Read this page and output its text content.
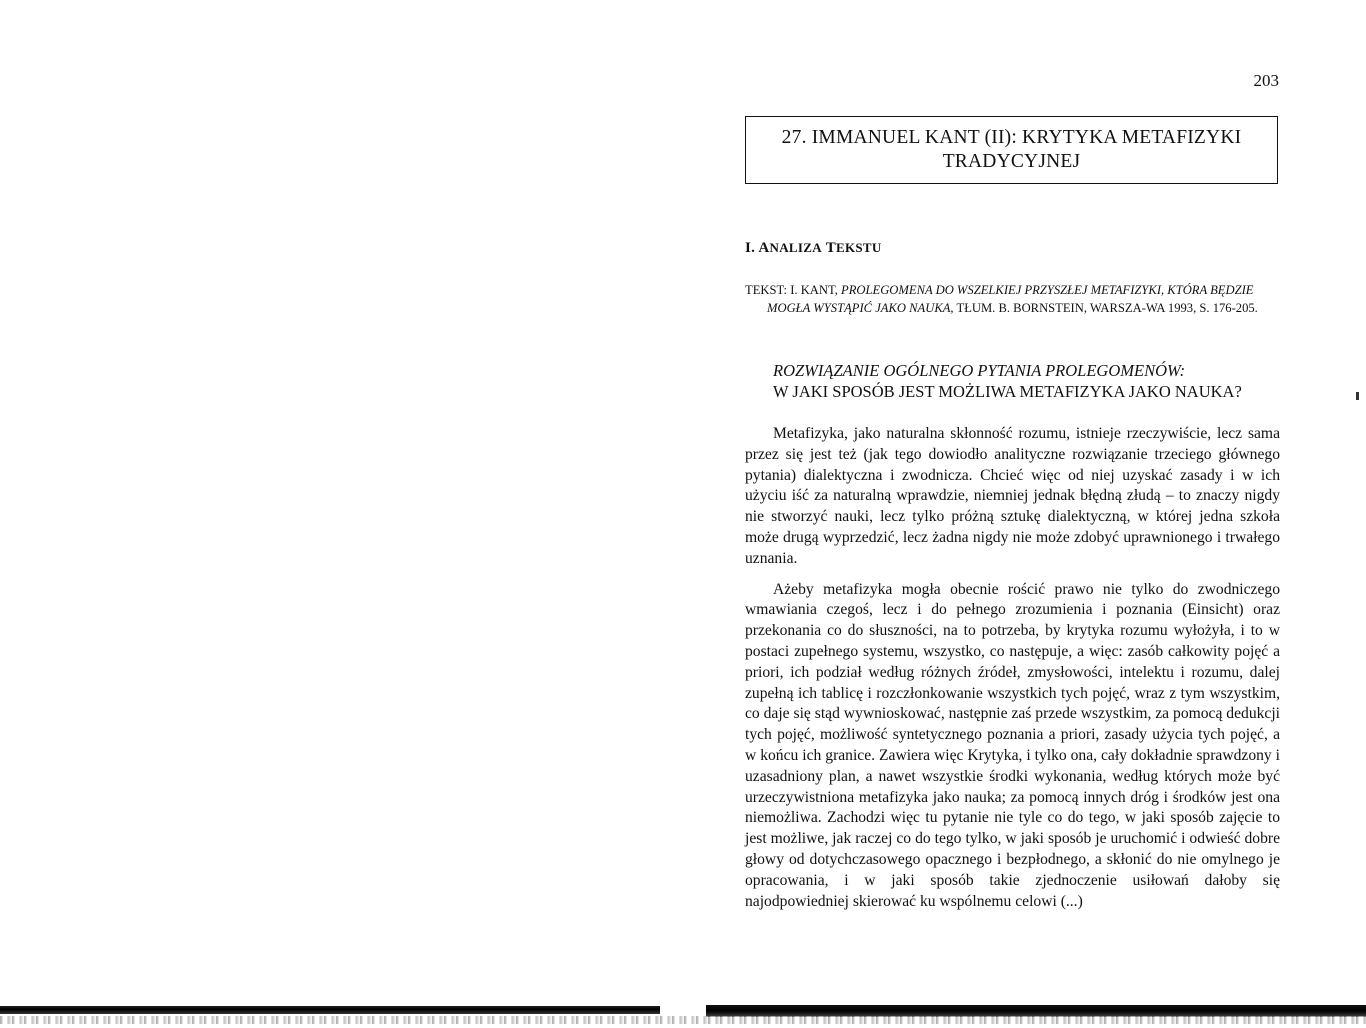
203
27. IMMANUEL KANT (II): KRYTYKA METAFIZYKI
TRADYCYJNEJ
I. ANALIZA TEKSTU
TEKST: I. KANT, PROLEGOMENA DO WSZELKIEJ PRZYSZŁEJ METAFIZYKI, KTÓRA BĘDZIE MOGŁA WYSTĄPIĆ JAKO NAUKA, TŁUM. B. BORNSTEIN, WARSZA-WA 1993, S. 176-205.
ROZWIĄZANIE OGÓLNEGO PYTANIA PROLEGOMENÓW:
W JAKI SPOSÓB JEST MOŻLIWA METAFIZYKA JAKO NAUKA?

Metafizyka, jako naturalna skłonność rozumu, istnieje rzeczywiście, lecz sama przez się jest też (jak tego dowiodło analityczne rozwiązanie trzeciego głównego pytania) dialektyczna i zwodnicza. Chcieć więc od niej uzyskać zasady i w ich użyciu iść za naturalną wprawdzie, niemniej jednak błędną złudą – to znaczy nigdy nie stworzyć nauki, lecz tylko próżną sztukę dialektyczną, w której jedna szkoła może drugą wyprzedzić, lecz żadna nigdy nie może zdobyć uprawnionego i trwałego uznania.

Ażeby metafizyka mogła obecnie rościć prawo nie tylko do zwodniczego wmawiania czegoś, lecz i do pełnego zrozumienia i poznania (Einsicht) oraz przekonania co do słuszności, na to potrzeba, by krytyka rozumu wyłożyła, i to w postaci zupełnego systemu, wszystko, co następuje, a więc: zasób całkowity pojęć a priori, ich podział według różnych źródeł, zmysłowości, intelektu i rozumu, dalej zupełną ich tablicę i rozczłonkowanie wszystkich tych pojęć, wraz z tym wszystkim, co daje się stąd wywnioskować, następnie zaś przede wszystkim, za pomocą dedukcji tych pojęć, możliwość syntetycznego poznania a priori, zasady użycia tych pojęć, a w końcu ich granice. Zawiera więc Krytyka, i tylko ona, cały dokładnie sprawdzony i uzasadniony plan, a nawet wszystkie środki wykonania, według których może być urzeczywistniona metafizyka jako nauka; za pomocą innych dróg i środków jest ona niemożliwa. Zachodzi więc tu pytanie nie tyle co do tego, w jaki sposób zajęcie to jest możliwe, jak raczej co do tego tylko, w jaki sposób je uruchomić i odwieść dobre głowy od dotychczasowego opacznego i bezpłodnego, a skłonić do nie omylnego je opracowania, i w jaki sposób takie zjednoczenie usiłowań dałoby się najodpowiedniej skierować ku wspólnemu celowi (...)
